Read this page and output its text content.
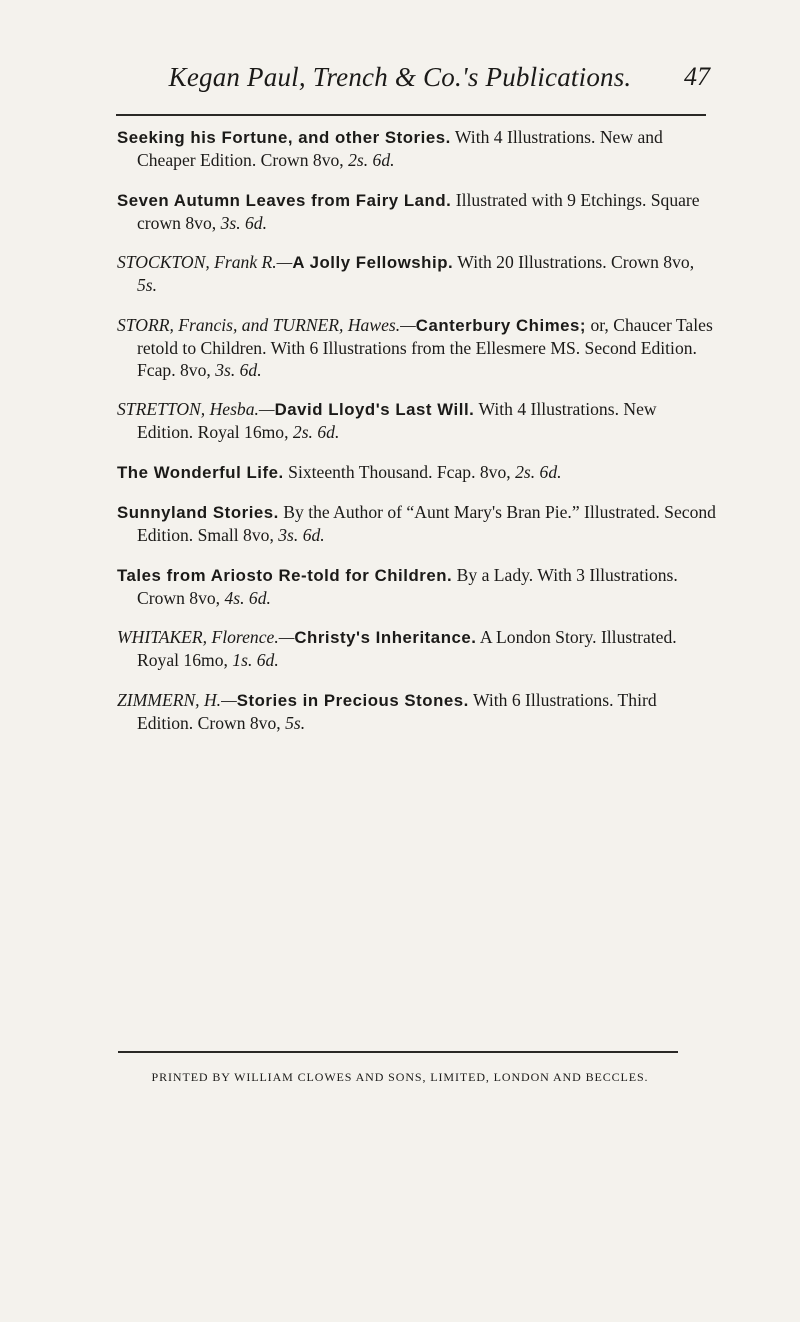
Kegan Paul, Trench & Co.'s Publications. 47

Seeking his Fortune, and other Stories. With 4 Illustrations. New and Cheaper Edition. Crown 8vo, 2s. 6d.

Seven Autumn Leaves from Fairy Land. Illustrated with 9 Etchings. Square crown 8vo, 3s. 6d.

STOCKTON, Frank R.—A Jolly Fellowship. With 20 Illustrations. Crown 8vo, 5s.

STORR, Francis, and TURNER, Hawes.—Canterbury Chimes; or, Chaucer Tales retold to Children. With 6 Illustrations from the Ellesmere MS. Second Edition. Fcap. 8vo, 3s. 6d.

STRETTON, Hesba.—David Lloyd's Last Will. With 4 Illustrations. New Edition. Royal 16mo, 2s. 6d.

The Wonderful Life. Sixteenth Thousand. Fcap. 8vo, 2s. 6d.

Sunnyland Stories. By the Author of “Aunt Mary's Bran Pie.” Illustrated. Second Edition. Small 8vo, 3s. 6d.

Tales from Ariosto Re-told for Children. By a Lady. With 3 Illustrations. Crown 8vo, 4s. 6d.

WHITAKER, Florence.—Christy's Inheritance. A London Story. Illustrated. Royal 16mo, 1s. 6d.

ZIMMERN, H.—Stories in Precious Stones. With 6 Illustrations. Third Edition. Crown 8vo, 5s.

PRINTED BY WILLIAM CLOWES AND SONS, LIMITED, LONDON AND BECCLES.
